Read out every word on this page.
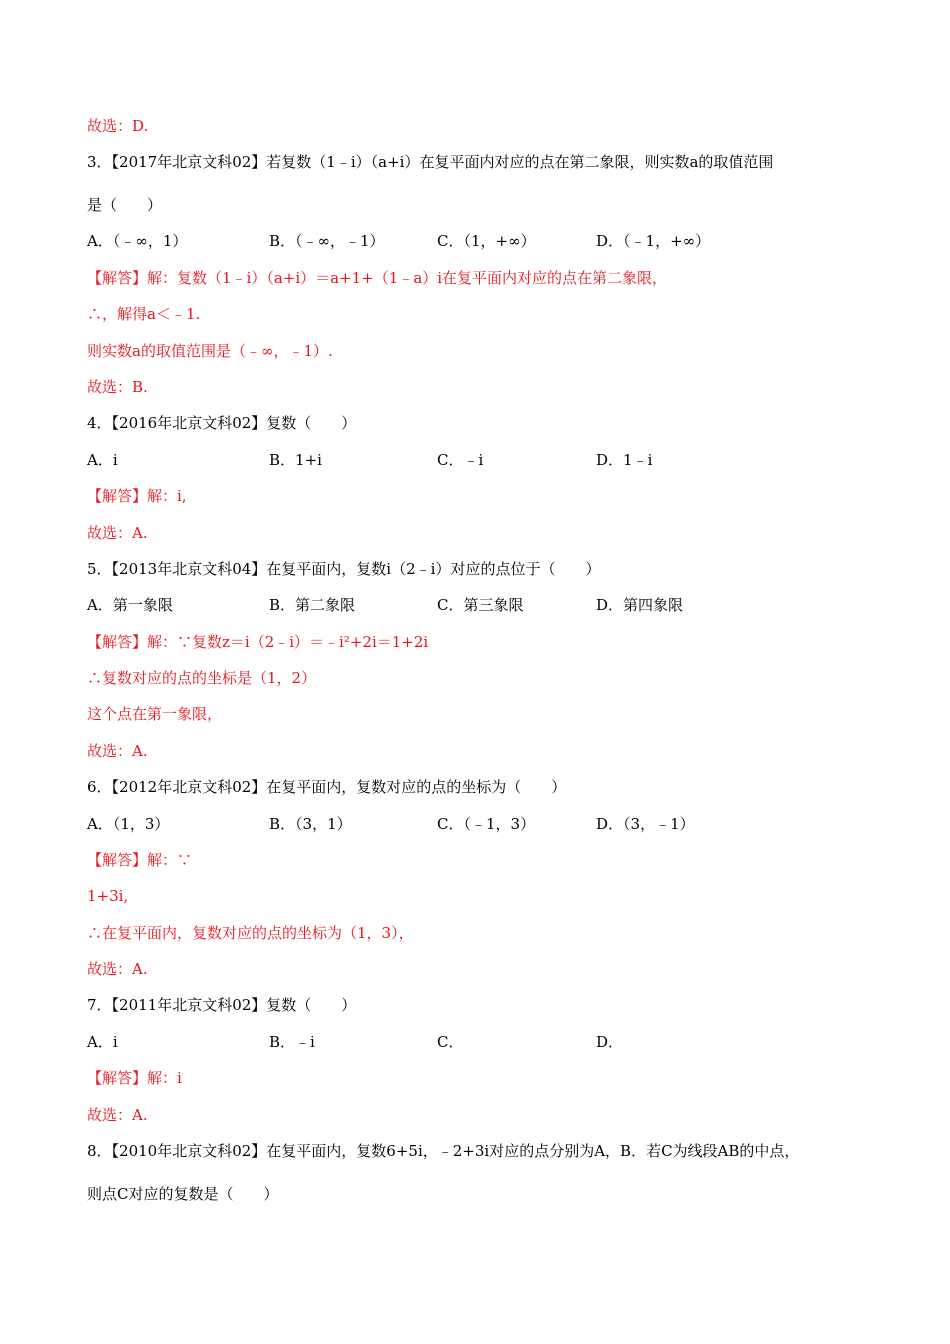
故选：D.
3．【2017年北京文科02】若复数（1﹣i）（a+i）在复平面内对应的点在第二象限，则实数a的取值范围
是（　　）
A．（﹣∞，1）	B．（﹣∞，﹣1）	C．（1，+∞）	D．（﹣1，+∞）
【解答】解：复数（1﹣i）（a+i）＝a+1+（1﹣a）i在复平面内对应的点在第二象限，
∴，解得a＜﹣1.
则实数a的取值范围是（﹣∞，﹣1）.
故选：B.
4．【2016年北京文科02】复数（　　）
A．i	B．1+i	C．﹣i	D．1﹣i
【解答】解：i,
故选：A.
5．【2013年北京文科04】在复平面内，复数i（2﹣i）对应的点位于（　　）
A．第一象限	B．第二象限	C．第三象限	D．第四象限
【解答】解：∵复数z＝i（2﹣i）＝﹣i²+2i＝1+2i
∴复数对应的点的坐标是（1，2）
这个点在第一象限，
故选：A.
6．【2012年北京文科02】在复平面内，复数对应的点的坐标为（　　）
A．（1，3）	B．（3，1）	C．（﹣1，3）	D．（3，﹣1）
【解答】解：∵
1+3i,
∴在复平面内，复数对应的点的坐标为（1，3），
故选：A.
7．【2011年北京文科02】复数（　　）
A．i	B．﹣i	C．	D．
【解答】解：i
故选：A.
8．【2010年北京文科02】在复平面内，复数6+5i，﹣2+3i对应的点分别为A，B．若C为线段AB的中点，
则点C对应的复数是（　　）
